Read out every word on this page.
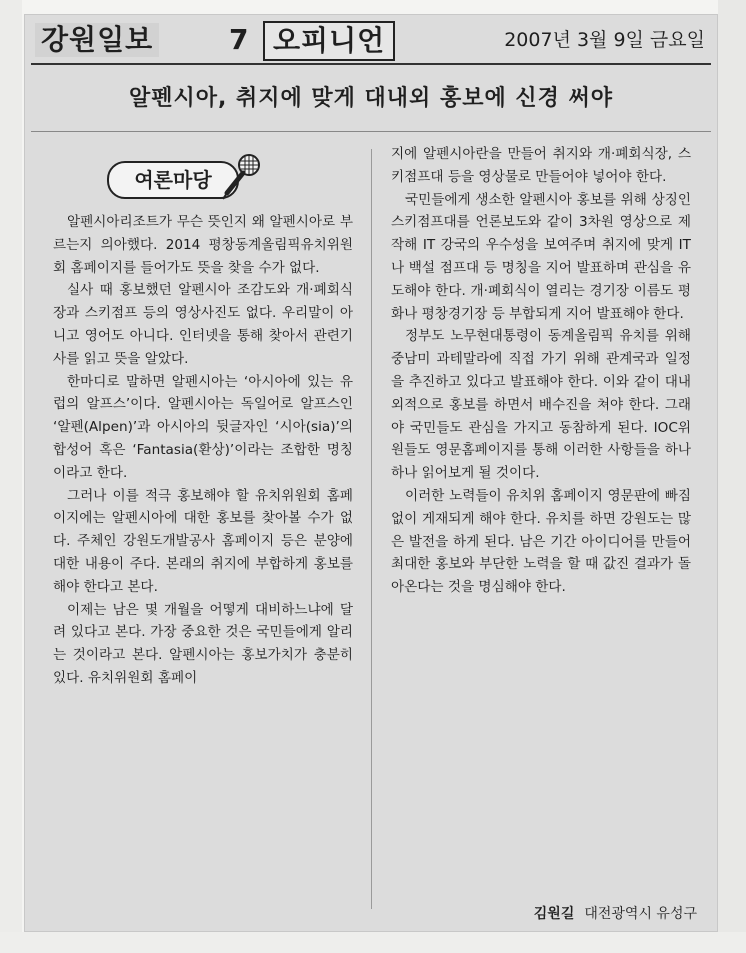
강원일보	7 오피니언	2007년 3월 9일 금요일
알펜시아, 취지에 맞게 대내외 홍보에 신경 써야
여론마당

알펜시아리조트가 무슨 뜻인지 왜 알펜시아로 부르는지 의아했다. 2014 평창동계올림픽유치위원회 홈페이지를 들어가도 뜻을 찾을 수가 없다.

실사 때 홍보했던 알펜시아 조감도와 개·폐회식장과 스키점프 등의 영상사진도 없다. 우리말이 아니고 영어도 아니다. 인터넷을 통해 찾아서 관련기사를 읽고 뜻을 알았다.

한마디로 말하면 알펜시아는 ‘아시아에 있는 유럽의 알프스’이다. 알펜시아는 독일어로 알프스인 ‘알펜(Alpen)’과 아시아의 뒷글자인 ‘시아(sia)’의 합성어 혹은 ‘Fantasia(환상)’이라는 조합한 명칭이라고 한다.

그러나 이를 적극 홍보해야 할 유치위원회 홈페이지에는 알펜시아에 대한 홍보를 찾아볼 수가 없다. 주체인 강원도개발공사 홈페이지 등은 분양에 대한 내용이 주다. 본래의 취지에 부합하게 홍보를 해야 한다고 본다.

이제는 남은 몇 개월을 어떻게 대비하느냐에 달려 있다고 본다. 가장 중요한 것은 국민들에게 알리는 것이라고 본다. 알펜시아는 홍보가치가 충분히 있다. 유치위원회 홈페이

지에 알펜시아란을 만들어 취지와 개·폐회식장, 스키점프대 등을 영상물로 만들어야 넣어야 한다.

국민들에게 생소한 알펜시아 홍보를 위해 상징인 스키점프대를 언론보도와 같이 3차원 영상으로 제작해 IT 강국의 우수성을 보여주며 취지에 맞게 IT나 백설 점프대 등 명칭을 지어 발표하며 관심을 유도해야 한다. 개·폐회식이 열리는 경기장 이름도 평화나 평창경기장 등 부합되게 지어 발표해야 한다.

정부도 노무현대통령이 동계올림픽 유치를 위해 중남미 과테말라에 직접 가기 위해 관계국과 일정을 추진하고 있다고 발표해야 한다. 이와 같이 대내외적으로 홍보를 하면서 배수진을 쳐야 한다. 그래야 국민들도 관심을 가지고 동참하게 된다. IOC위원들도 영문홈페이지를 통해 이러한 사항들을 하나하나 읽어보게 될 것이다.

이러한 노력들이 유치위 홈페이지 영문판에 빠짐없이 게재되게 해야 한다. 유치를 하면 강원도는 많은 발전을 하게 된다. 남은 기간 아이디어를 만들어 최대한 홍보와 부단한 노력을 할 때 값진 결과가 돌아온다는 것을 명심해야 한다.

김원길 대전광역시 유성구
